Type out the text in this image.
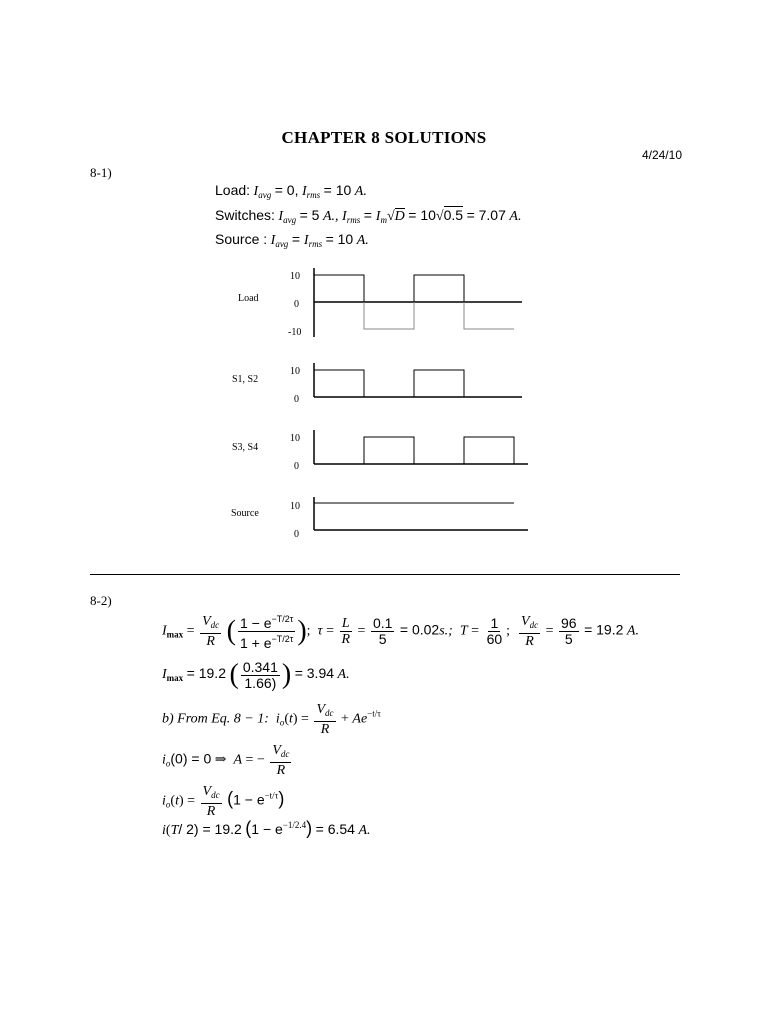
CHAPTER 8 SOLUTIONS
4/24/10
8-1)
Load: $I_{avg} = 0$, $I_{rms} = 10$ A.
Switches: $I_{avg} = 5$ A., $I_{rms} = I_m√D = 10√0.5 = 7.07$ A.
Source : $I_{avg} = I_{rms} = 10$ A.
Load
10
0
-10
S1, S2
10
0
S3, S4
10
0
Source
10
0
8-2)
$I_{max} = \frac{V_{dc}}{R}$ ( $\frac{1 - e^{-T/2\tau}}{1 + e^{-T/2\tau}}$ );  $\tau = \frac{L}{R} = \frac{0.1}{5} = 0.02s$.; $T = \frac{1}{60}$ ; $\frac{V_{dc}}{R} = \frac{96}{5} = 19.2$ A.
$I_{max} = 19.2$ ( $\frac{0.341}{1.66)}$ ) = 3.94 A.
b) From Eq. 8 − 1: $i_o(t) = \frac{V_{dc}}{R} + Ae^{-t/\tau}$
$i_o(0) = 0$ ⇒ A = − $\frac{V_{dc}}{R}$
$i_o(t) = \frac{V_{dc}}{R} (1 - e^{-t/\tau})$
i(T/ 2) = 19.2 $(1 - e^{-1/2.4}) = 6.54$ A.
